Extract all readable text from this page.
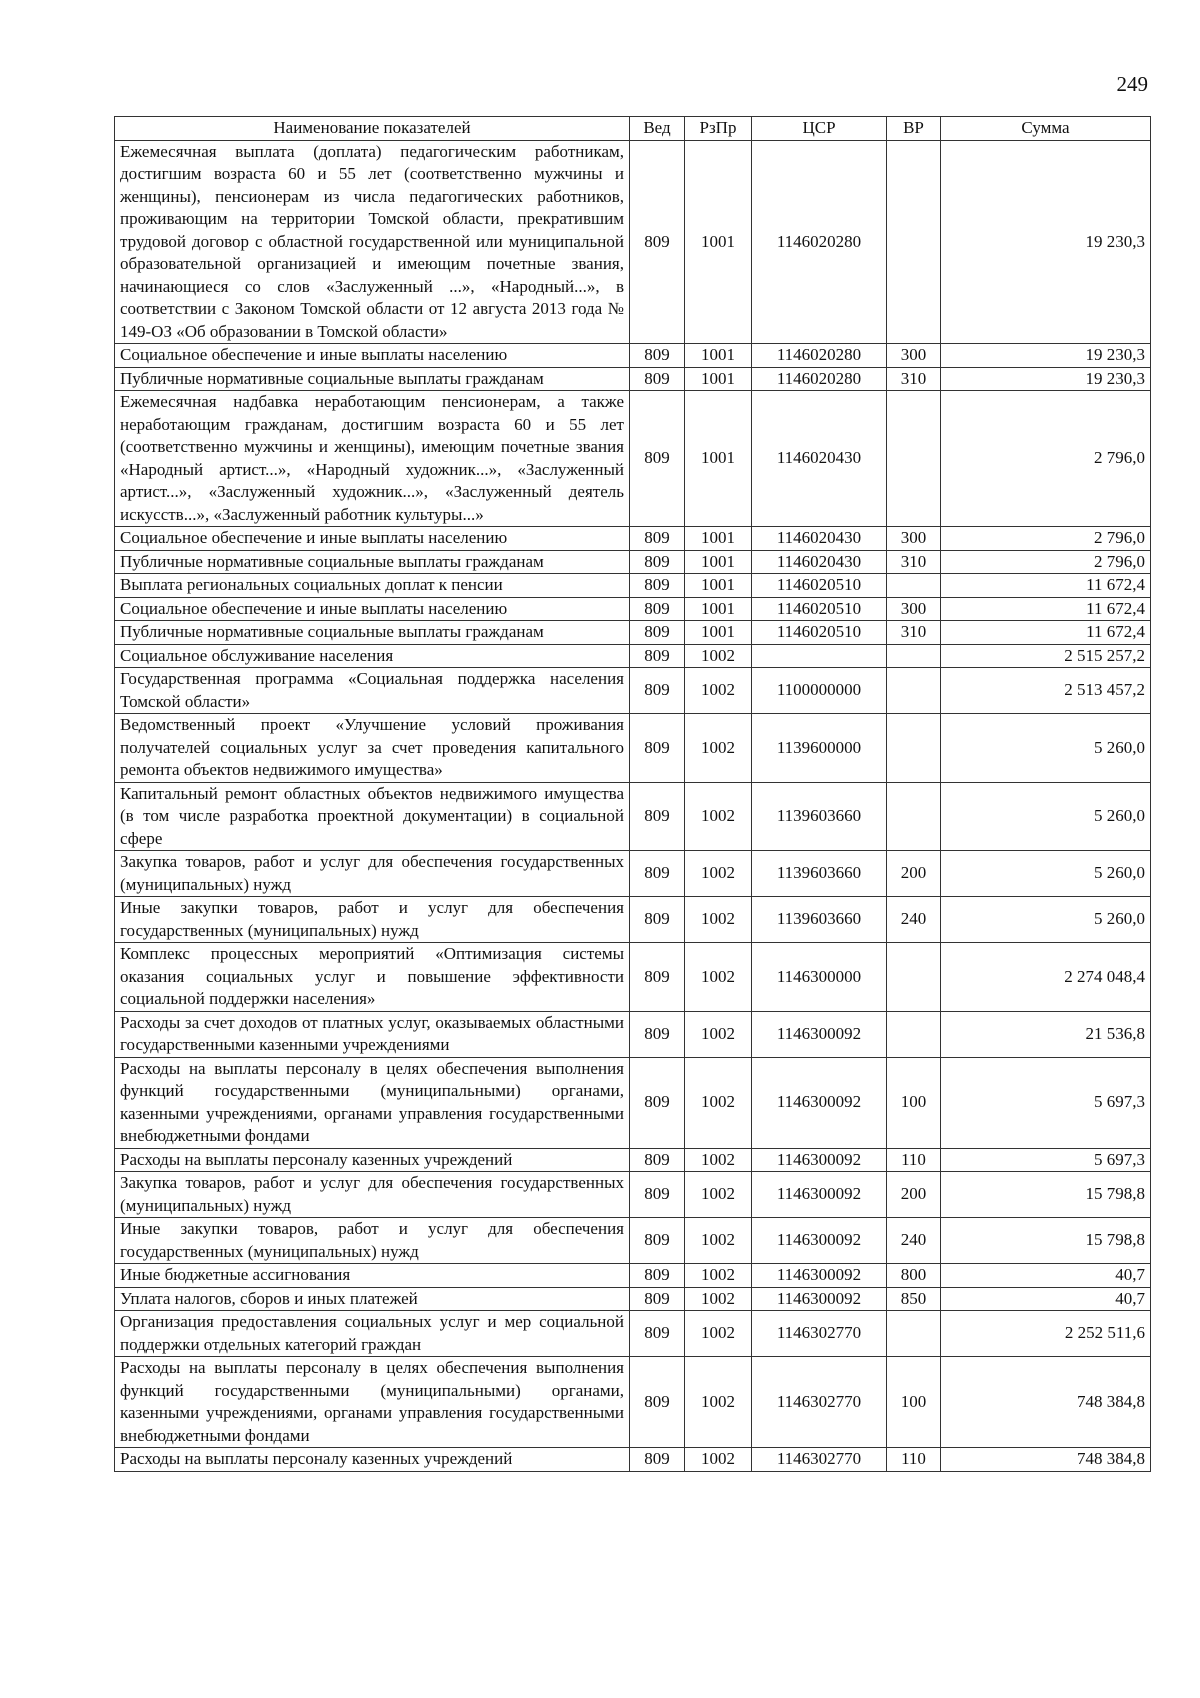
249
Наименование показателей	Вед	РзПр	ЦСР	ВР	Сумма
Ежемесячная выплата (доплата) педагогическим работникам, достигшим возраста 60 и 55 лет (соответственно мужчины и женщины), пенсионерам из числа педагогических работников, проживающим на территории Томской области, прекратившим трудовой договор с областной государственной или муниципальной образовательной организацией и имеющим почетные звания, начинающиеся со слов «Заслуженный ...», «Народный...», в соответствии с Законом Томской области от 12 августа 2013 года № 149-ОЗ «Об образовании в Томской области»	809	1001	1146020280		19 230,3
Социальное обеспечение и иные выплаты населению	809	1001	1146020280	300	19 230,3
Публичные нормативные социальные выплаты гражданам	809	1001	1146020280	310	19 230,3
Ежемесячная надбавка неработающим пенсионерам, а также неработающим гражданам, достигшим возраста 60 и 55 лет (соответственно мужчины и женщины), имеющим почетные звания «Народный артист...», «Народный художник...», «Заслуженный артист...», «Заслуженный художник...», «Заслуженный деятель искусств...», «Заслуженный работник культуры...»	809	1001	1146020430		2 796,0
Социальное обеспечение и иные выплаты населению	809	1001	1146020430	300	2 796,0
Публичные нормативные социальные выплаты гражданам	809	1001	1146020430	310	2 796,0
Выплата региональных социальных доплат к пенсии	809	1001	1146020510		11 672,4
Социальное обеспечение и иные выплаты населению	809	1001	1146020510	300	11 672,4
Публичные нормативные социальные выплаты гражданам	809	1001	1146020510	310	11 672,4
Социальное обслуживание населения	809	1002			2 515 257,2
Государственная программа «Социальная поддержка населения Томской области»	809	1002	1100000000		2 513 457,2
Ведомственный проект «Улучшение условий проживания получателей социальных услуг за счет проведения капитального ремонта объектов недвижимого имущества»	809	1002	1139600000		5 260,0
Капитальный ремонт областных объектов недвижимого имущества (в том числе разработка проектной документации) в социальной сфере	809	1002	1139603660		5 260,0
Закупка товаров, работ и услуг для обеспечения государственных (муниципальных) нужд	809	1002	1139603660	200	5 260,0
Иные закупки товаров, работ и услуг для обеспечения государственных (муниципальных) нужд	809	1002	1139603660	240	5 260,0
Комплекс процессных мероприятий «Оптимизация системы оказания социальных услуг и повышение эффективности социальной поддержки населения»	809	1002	1146300000		2 274 048,4
Расходы за счет доходов от платных услуг, оказываемых областными государственными казенными учреждениями	809	1002	1146300092		21 536,8
Расходы на выплаты персоналу в целях обеспечения выполнения функций государственными (муниципальными) органами, казенными учреждениями, органами управления государственными внебюджетными фондами	809	1002	1146300092	100	5 697,3
Расходы на выплаты персоналу казенных учреждений	809	1002	1146300092	110	5 697,3
Закупка товаров, работ и услуг для обеспечения государственных (муниципальных) нужд	809	1002	1146300092	200	15 798,8
Иные закупки товаров, работ и услуг для обеспечения государственных (муниципальных) нужд	809	1002	1146300092	240	15 798,8
Иные бюджетные ассигнования	809	1002	1146300092	800	40,7
Уплата налогов, сборов и иных платежей	809	1002	1146300092	850	40,7
Организация предоставления социальных услуг и мер социальной поддержки отдельных категорий граждан	809	1002	1146302770		2 252 511,6
Расходы на выплаты персоналу в целях обеспечения выполнения функций государственными (муниципальными) органами, казенными учреждениями, органами управления государственными внебюджетными фондами	809	1002	1146302770	100	748 384,8
Расходы на выплаты персоналу казенных учреждений	809	1002	1146302770	110	748 384,8
